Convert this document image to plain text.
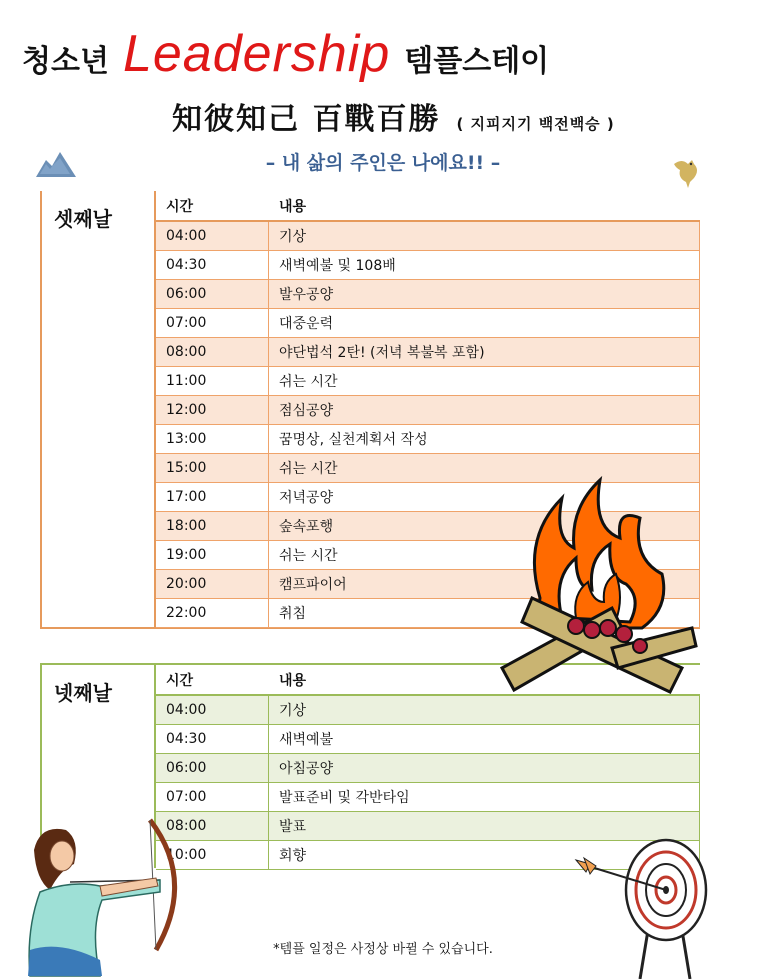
청소년 Leadership 템플스테이
知彼知己 百戰百勝 ( 지피지기 백전백승 )
– 내 삶의 주인은 나에요!! –
셋째날
시간	내용
04:00	기상
04:30	새벽예불 및 108배
06:00	발우공양
07:00	대중운력
08:00	야단법석 2탄! (저녁 복불복 포함)
11:00	쉬는 시간
12:00	점심공양
13:00	꿈명상, 실천계획서 작성
15:00	쉬는 시간
17:00	저녁공양
18:00	숲속포행
19:00	쉬는 시간
20:00	캠프파이어
22:00	취침
넷째날
시간	내용
04:00	기상
04:30	새벽예불
06:00	아침공양
07:00	발표준비 및 각반타임
08:00	발표
10:00	회향
*템플 일정은 사정상 바뀔 수 있습니다.
